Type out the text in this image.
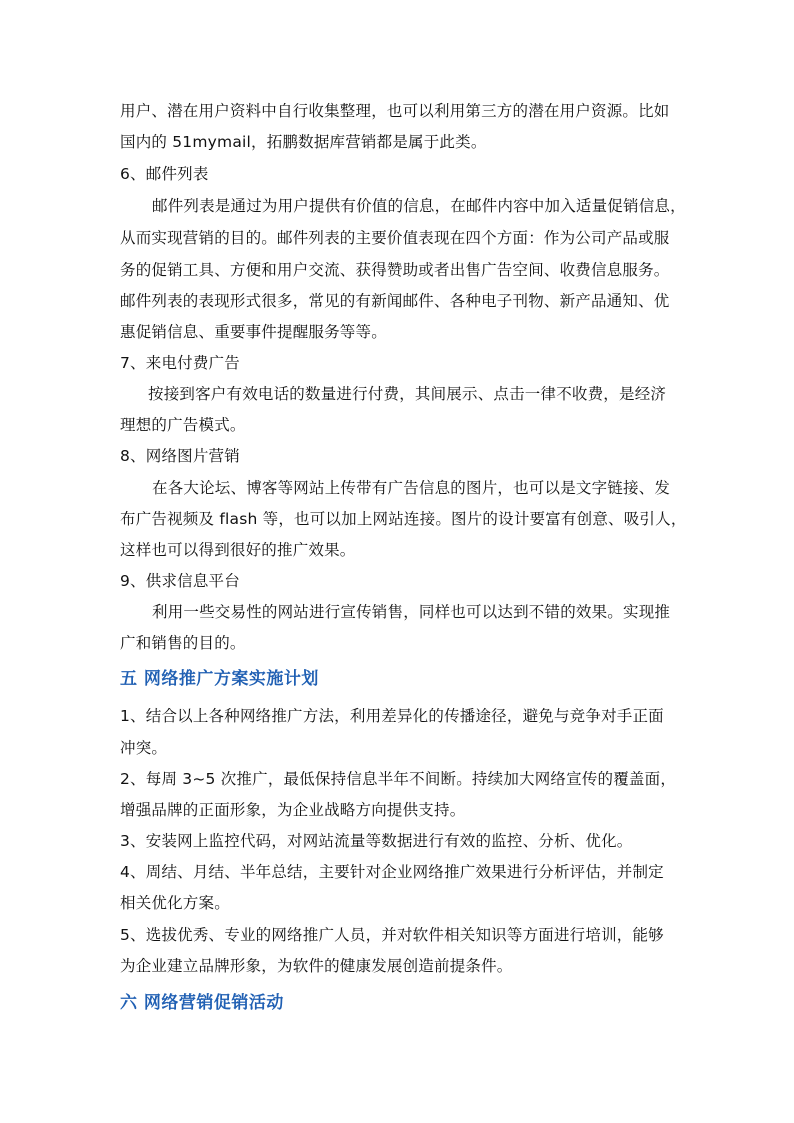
用户、潜在用户资料中自行收集整理，也可以利用第三方的潜在用户资源。比如
国内的 51mymail，拓鹏数据库营销都是属于此类。
6、邮件列表
邮件列表是通过为用户提供有价值的信息，在邮件内容中加入适量促销信息，
从而实现营销的目的。邮件列表的主要价值表现在四个方面：作为公司产品或服
务的促销工具、方便和用户交流、获得赞助或者出售广告空间、收费信息服务。
邮件列表的表现形式很多，常见的有新闻邮件、各种电子刊物、新产品通知、优
惠促销信息、重要事件提醒服务等等。
7、来电付费广告
按接到客户有效电话的数量进行付费，其间展示、点击一律不收费，是经济
理想的广告模式。
8、网络图片营销
在各大论坛、博客等网站上传带有广告信息的图片，也可以是文字链接、发
布广告视频及 flash 等，也可以加上网站连接。图片的设计要富有创意、吸引人，
这样也可以得到很好的推广效果。
9、供求信息平台
利用一些交易性的网站进行宣传销售，同样也可以达到不错的效果。实现推
广和销售的目的。
五 网络推广方案实施计划
1、结合以上各种网络推广方法，利用差异化的传播途径，避免与竞争对手正面
冲突。
2、每周 3~5 次推广，最低保持信息半年不间断。持续加大网络宣传的覆盖面，
增强品牌的正面形象，为企业战略方向提供支持。
3、安装网上监控代码，对网站流量等数据进行有效的监控、分析、优化。
4、周结、月结、半年总结，主要针对企业网络推广效果进行分析评估，并制定
相关优化方案。
5、选拔优秀、专业的网络推广人员，并对软件相关知识等方面进行培训，能够
为企业建立品牌形象，为软件的健康发展创造前提条件。
六 网络营销促销活动
